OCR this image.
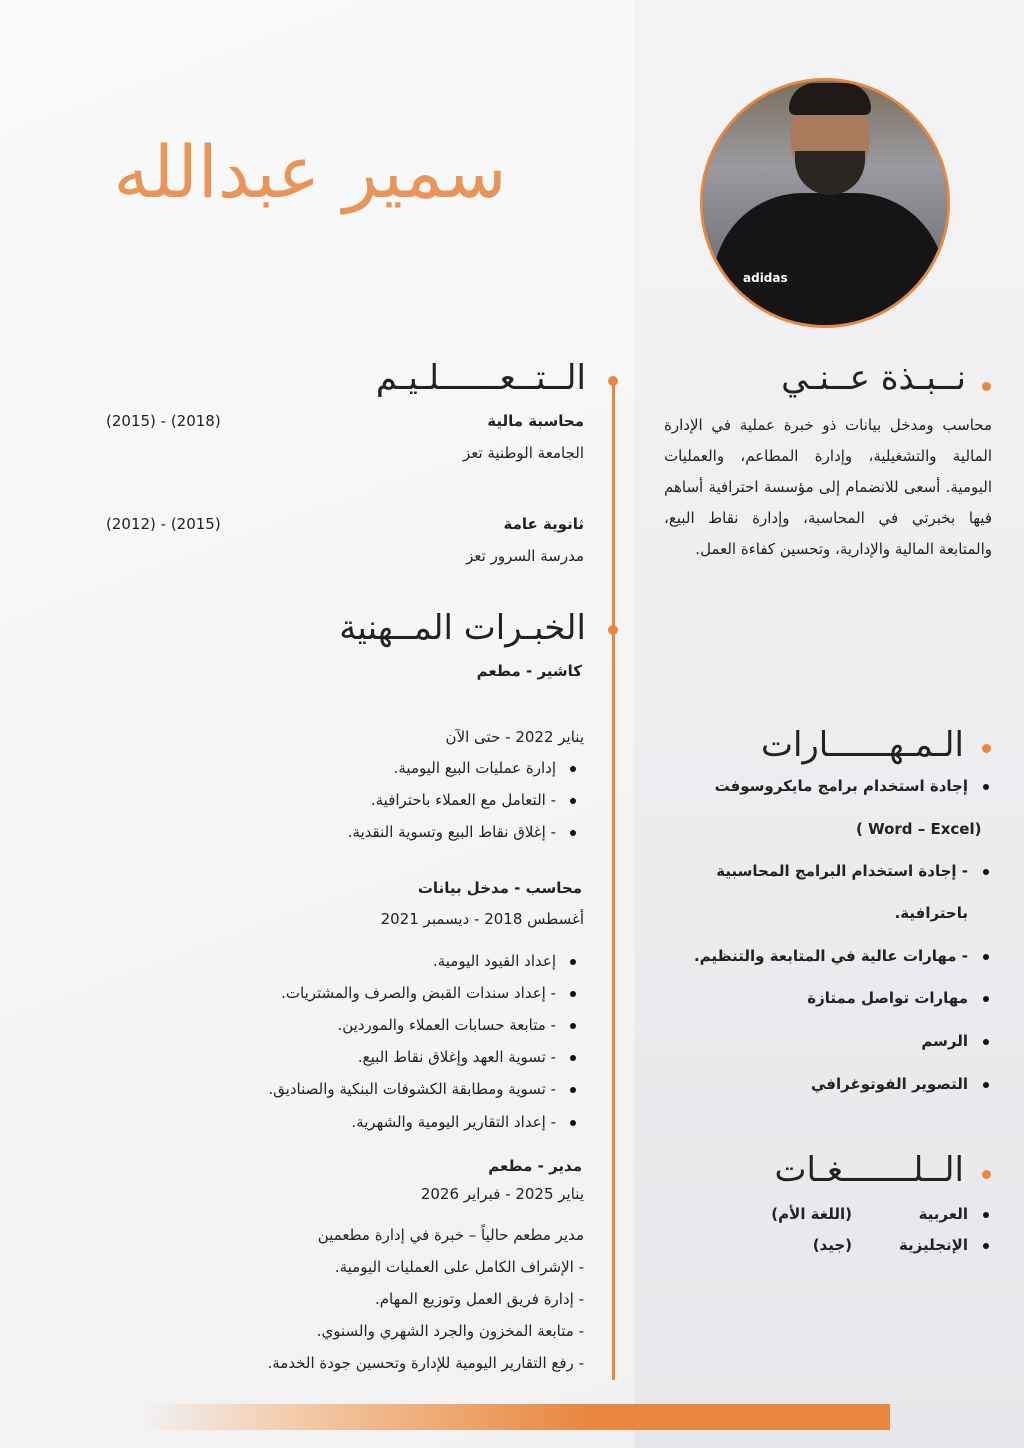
سمير عبدالله
adidas
نــبـذة عــنـي
محاسب ومدخل بيانات ذو خبرة عملية في الإدارة المالية والتشغيلية، وإدارة المطاعم، والعمليات اليومية. أسعى للانضمام إلى مؤسسة احترافية أساهم فيها بخبرتي في المحاسبة، وإدارة نقاط البيع، والمتابعة المالية والإدارية، وتحسين كفاءة العمل.
الــتــعــــــلـيـم
محاسبة مالية
(2015) - (2018)
الجامعة الوطنية تعز
ثانوية عامة
(2012) - (2015)
مدرسة السرور تعز
الخبـرات المــهنية
كاشير - مطعم
يناير 2022 - حتى الآن
إدارة عمليات البيع اليومية.
- التعامل مع العملاء باحترافية.
- إغلاق نقاط البيع وتسوية النقدية.
محاسب - مدخل بيانات
أغسطس 2018 - ديسمبر 2021
إعداد القيود اليومية.
- إعداد سندات القبض والصرف والمشتريات.
- متابعة حسابات العملاء والموردين.
- تسوية العهد وإغلاق نقاط البيع.
- تسوية ومطابقة الكشوفات البنكية والصناديق.
- إعداد التقارير اليومية والشهرية.
مدير - مطعم
يناير 2025 - فبراير 2026
مدير مطعم حالياً – خبرة في إدارة مطعمين
- الإشراف الكامل على العمليات اليومية.
- إدارة فريق العمل وتوزيع المهام.
- متابعة المخزون والجرد الشهري والسنوي.
- رفع التقارير اليومية للإدارة وتحسين جودة الخدمة.
الـمـهــــــارات
إجادة استخدام برامج مايكروسوفت
( Word – Excel)
- إجادة استخدام البرامج المحاسبية
باحترافية.
- مهارات عالية في المتابعة والتنظيم.
مهارات تواصل ممتازة
الرسم
التصوير الفوتوغرافي
الــلـــــــغـات
العربية
(اللغة الأم)
الإنجليزية
(جيد)
